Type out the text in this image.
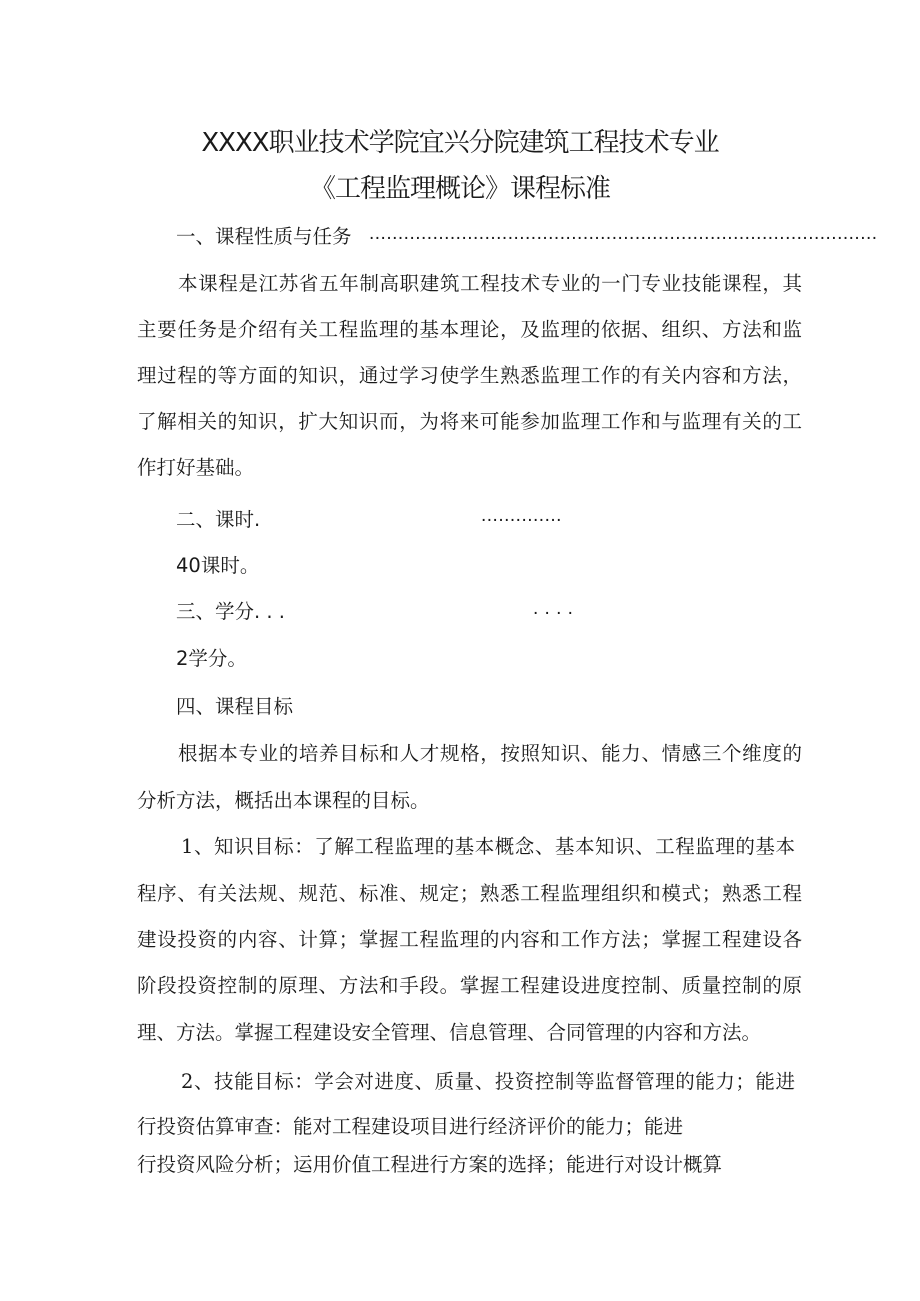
XXXX职业技术学院宜兴分院建筑工程技术专业
《工程监理概论》课程标准
一、课程性质与任务 ........................................................................................
本课程是江苏省五年制高职建筑工程技术专业的一门专业技能课程，其
主要任务是介绍有关工程监理的基本理论，及监理的依据、组织、方法和监
理过程的等方面的知识，通过学习使学生熟悉监理工作的有关内容和方法，
了解相关的知识，扩大知识而，为将来可能参加监理工作和与监理有关的工
作打好基础。
二、课时.	..............
40课时。
三、学分. . .	. . . .
2学分。
四、课程目标
根据本专业的培养目标和人才规格，按照知识、能力、情感三个维度的
分析方法，概括出本课程的目标。
1、知识目标：了解工程监理的基本概念、基本知识、工程监理的基本
程序、有关法规、规范、标准、规定；熟悉工程监理组织和模式；熟悉工程
建设投资的内容、计算；掌握工程监理的内容和工作方法；掌握工程建设各
阶段投资控制的原理、方法和手段。掌握工程建设进度控制、质量控制的原
理、方法。掌握工程建设安全管理、信息管理、合同管理的内容和方法。
2、技能目标：学会对进度、质量、投资控制等监督管理的能力；能进
行投资估算审查：能对工程建设项目进行经济评价的能力；能进
行投资风险分析；运用价值工程进行方案的选择；能进行对设计概算
